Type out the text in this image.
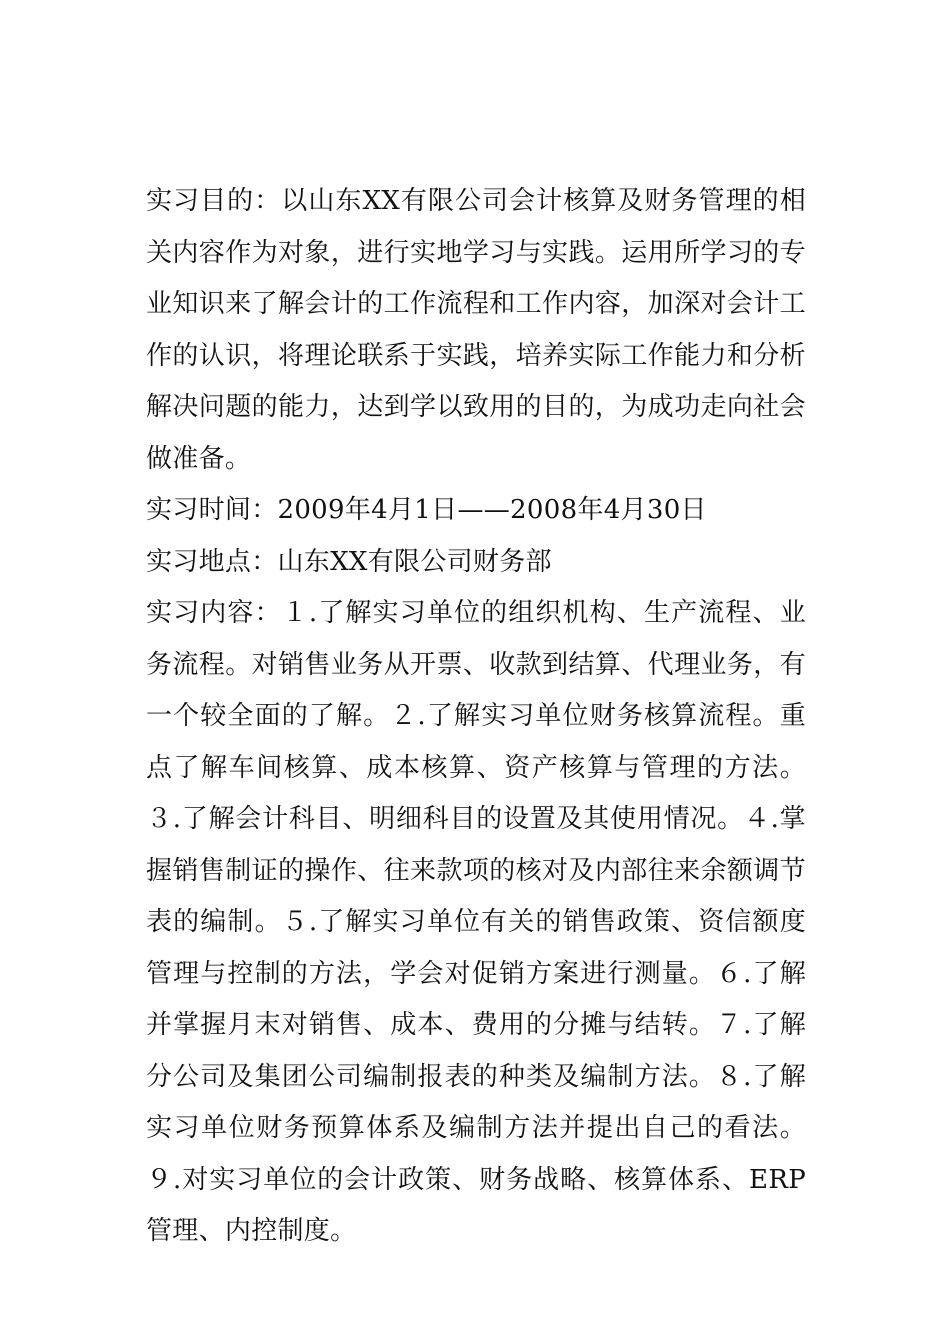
实习目的：以山东XX有限公司会计核算及财务管理的相关内容作为对象，进行实地学习与实践。运用所学习的专业知识来了解会计的工作流程和工作内容，加深对会计工作的认识，将理论联系于实践，培养实际工作能力和分析解决问题的能力，达到学以致用的目的，为成功走向社会做准备。

实习时间：2009年4月1日——2008年4月30日

实习地点：山东XX有限公司财务部

实习内容：１.了解实习单位的组织机构、生产流程、业务流程。对销售业务从开票、收款到结算、代理业务，有一个较全面的了解。２.了解实习单位财务核算流程。重点了解车间核算、成本核算、资产核算与管理的方法。３.了解会计科目、明细科目的设置及其使用情况。４.掌握销售制证的操作、往来款项的核对及内部往来余额调节表的编制。５.了解实习单位有关的销售政策、资信额度管理与控制的方法，学会对促销方案进行测量。６.了解并掌握月末对销售、成本、费用的分摊与结转。７.了解分公司及集团公司编制报表的种类及编制方法。８.了解实习单位财务预算体系及编制方法并提出自己的看法。９.对实习单位的会计政策、财务战略、核算体系、ERP管理、内控制度。
